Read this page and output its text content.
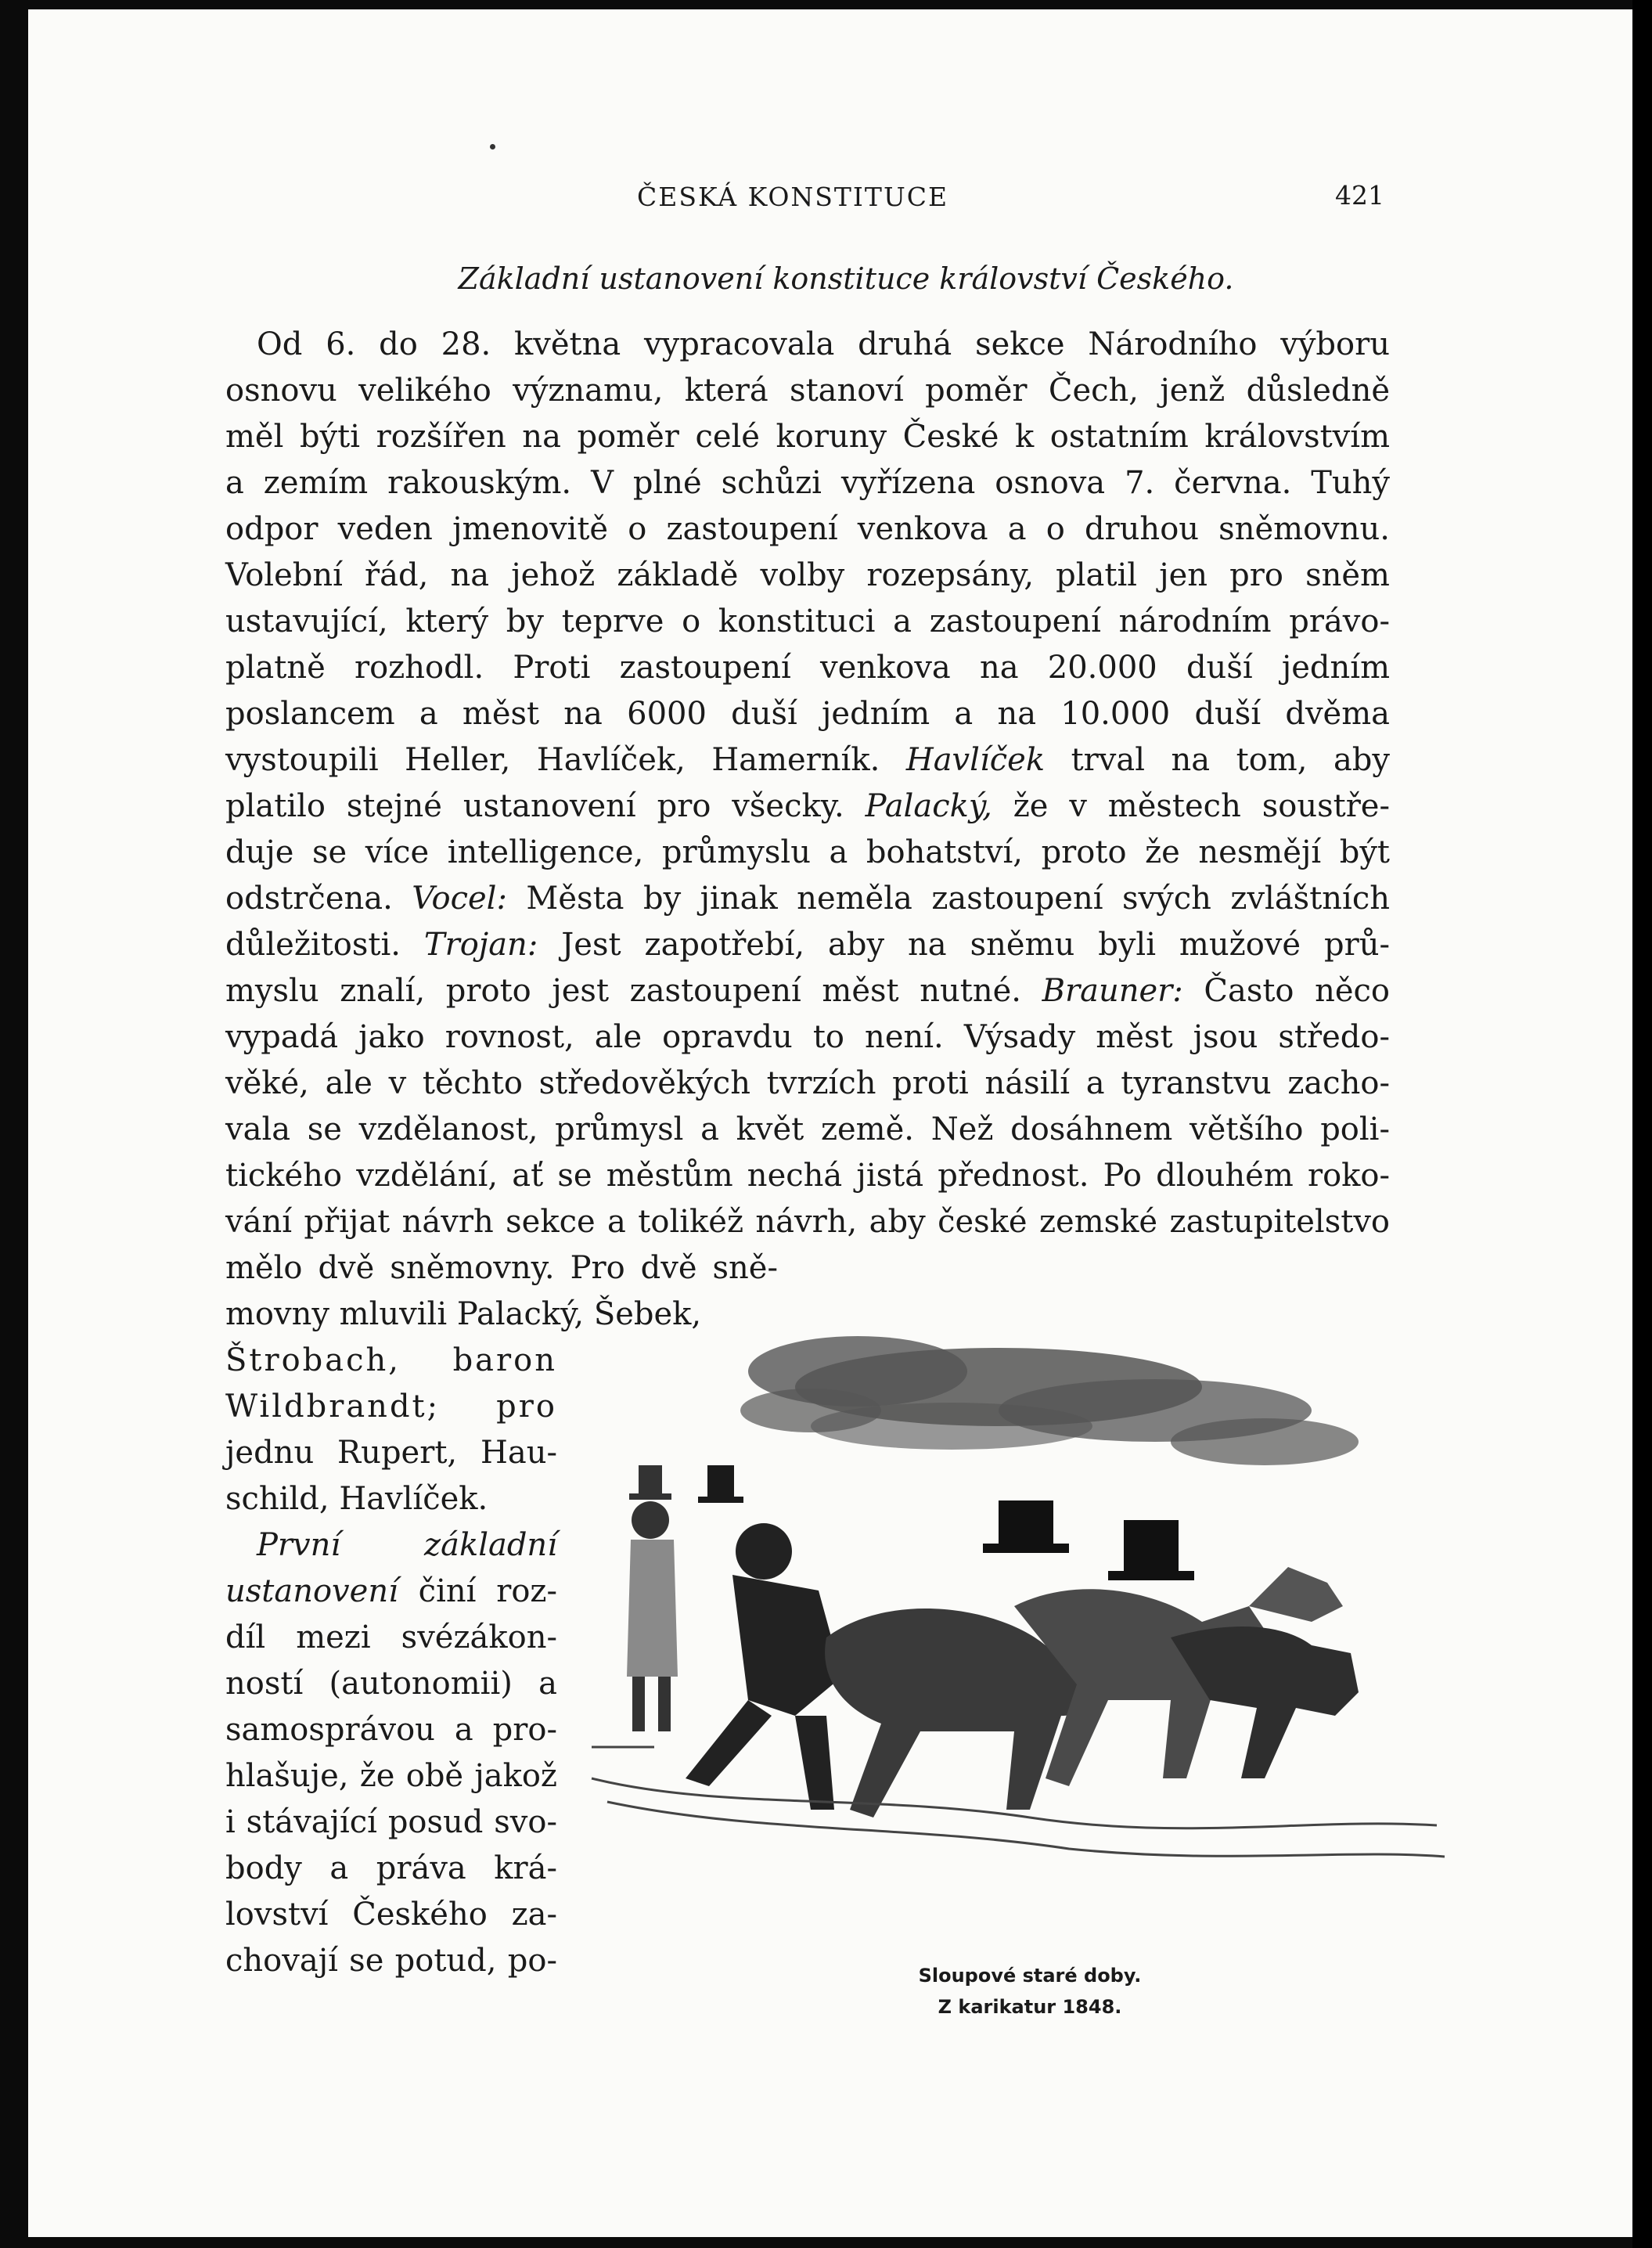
ČESKÁ KONSTITUCE	421
Základní ustanovení konstituce království Českého.
Od 6. do 28. května vypracovala druhá sekce Národního výboru
osnovu velikého významu, která stanoví poměr Čech, jenž důsledně
měl býti rozšířen na poměr celé koruny České k ostatním královstvím
a zemím rakouským. V plné schůzi vyřízena osnova 7. června. Tuhý
odpor veden jmenovitě o zastoupení venkova a o druhou sněmovnu.
Volební řád, na jehož základě volby rozepsány, platil jen pro sněm
ustavující, který by teprve o konstituci a zastoupení národním právo-
platně rozhodl. Proti zastoupení venkova na 20.000 duší jedním
poslancem a měst na 6000 duší jedním a na 10.000 duší dvěma
vystoupili Heller, Havlíček, Hamerník. Havlíček trval na tom, aby
platilo stejné ustanovení pro všecky. Palacký, že v městech soustře-
duje se více intelligence, průmyslu a bohatství, proto že nesmějí být
odstrčena. Vocel: Města by jinak neměla zastoupení svých zvláštních
důležitosti. Trojan: Jest zapotřebí, aby na sněmu byli mužové prů-
myslu znalí, proto jest zastoupení měst nutné. Brauner: Často něco
vypadá jako rovnost, ale opravdu to není. Výsady měst jsou středo-
věké, ale v těchto středověkých tvrzích proti násilí a tyranstvu zacho-
vala se vzdělanost, průmysl a květ země. Než dosáhnem většího poli-
tického vzdělání, ať se městům nechá jistá přednost. Po dlouhém roko-
vání přijat návrh sekce a tolikéž návrh, aby české zemské zastupitelstvo
mělo dvě sněmovny. Pro dvě sně-
movny mluvili Palacký, Šebek,
Štrobach, baron
Wildbrandt; pro
jednu Rupert, Hau-
schild, Havlíček.
První základní
ustanovení činí roz-
díl mezi svézákon-
ností (autonomii) a
samosprávou a pro-
hlašuje, že obě jakož
i stávající posud svo-
body a práva krá-
lovství Českého za-
chovají se potud, po-	Sloupové staré doby.
Z karikatur 1848.
